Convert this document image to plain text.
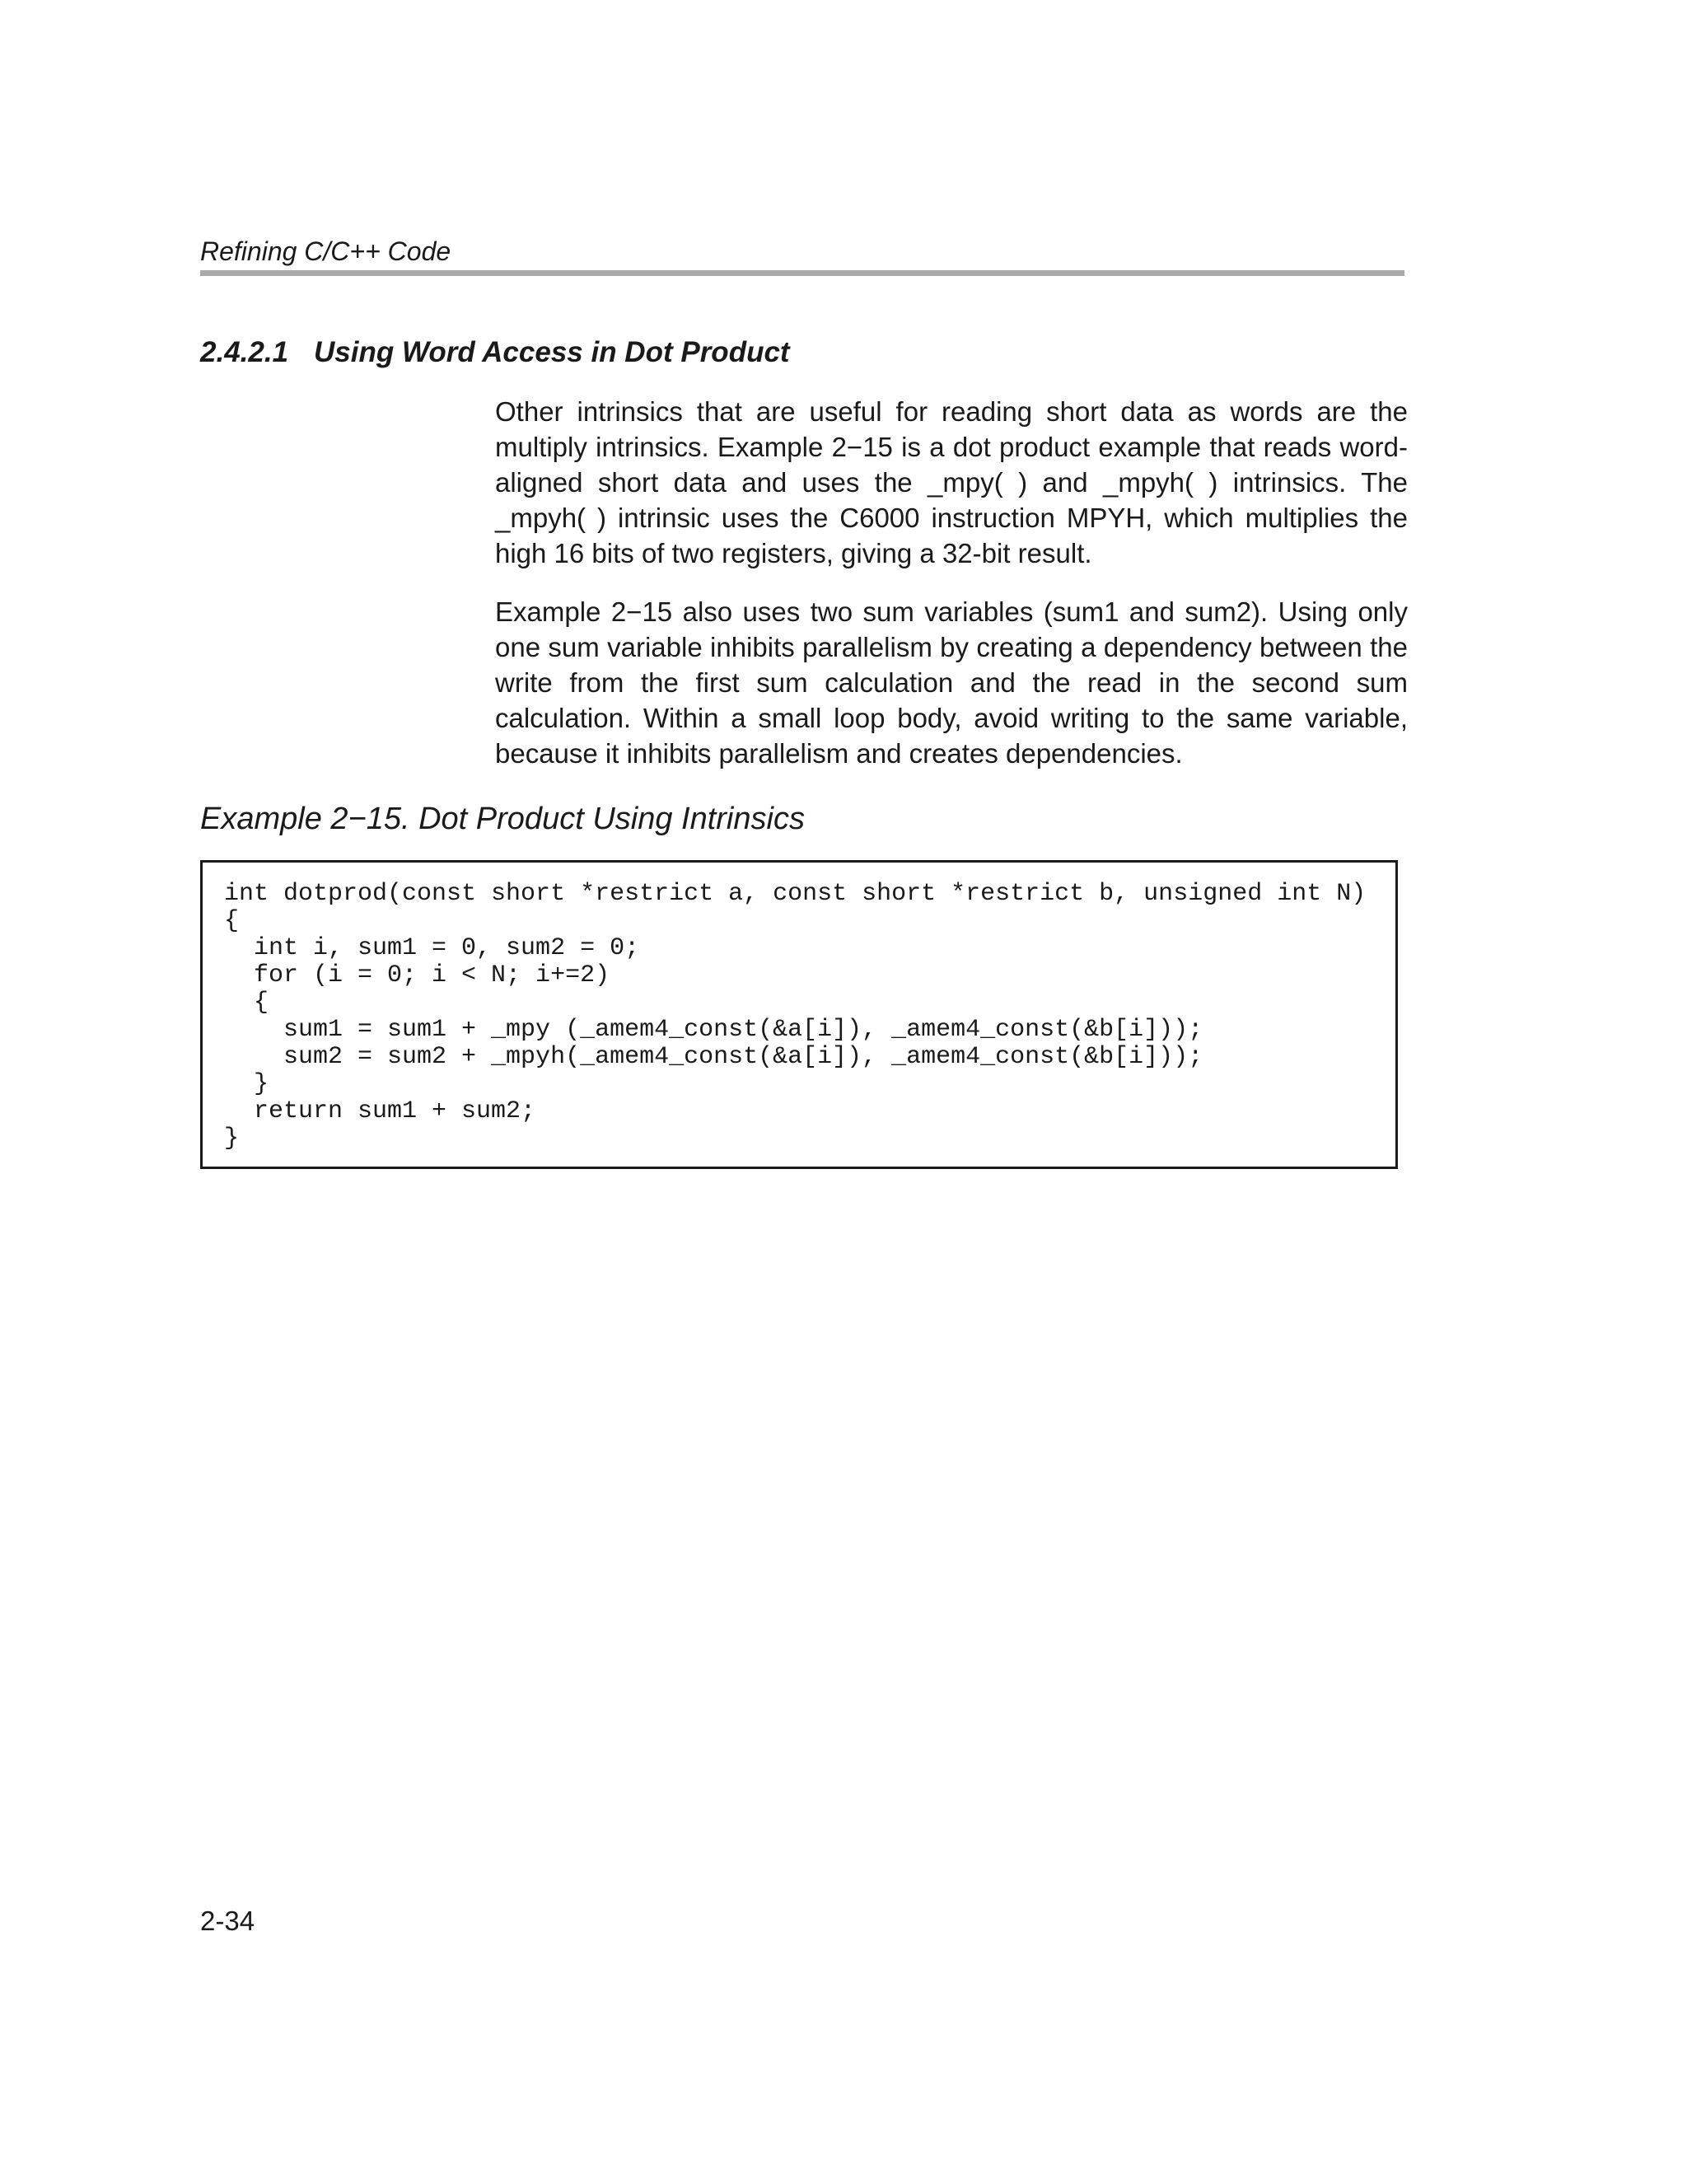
Refining C/C++ Code
2.4.2.1 Using Word Access in Dot Product

Other intrinsics that are useful for reading short data as words are the multiply intrinsics. Example 2−15 is a dot product example that reads word-aligned short data and uses the _mpy( ) and _mpyh( ) intrinsics. The _mpyh( ) intrinsic uses the C6000 instruction MPYH, which multiplies the high 16 bits of two registers, giving a 32-bit result.

Example 2−15 also uses two sum variables (sum1 and sum2). Using only one sum variable inhibits parallelism by creating a dependency between the write from the first sum calculation and the read in the second sum calculation. Within a small loop body, avoid writing to the same variable, because it inhibits parallelism and creates dependencies.

Example 2−15. Dot Product Using Intrinsics
int dotprod(const short *restrict a, const short *restrict b, unsigned int N)
{
int i, sum1 = 0, sum2 = 0;
for (i = 0; i < N; i+=2)
{
sum1 = sum1 + _mpy (_amem4_const(&a[i]), _amem4_const(&b[i]));
sum2 = sum2 + _mpyh(_amem4_const(&a[i]), _amem4_const(&b[i]));
}
return sum1 + sum2;
}
2-34
